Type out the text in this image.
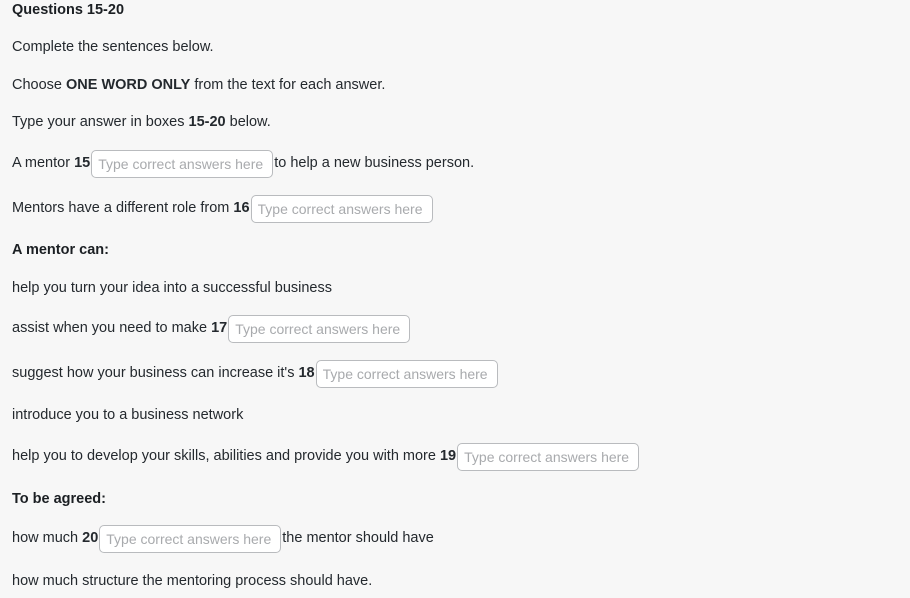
Questions 15-20
Complete the sentences below.
Choose ONE WORD ONLY from the text for each answer.
Type your answer in boxes 15-20 below.
A mentor 15
Type correct answers here	to help a new business person.
Mentors have a different role from 16
Type correct answers here
A mentor can:
help you turn your idea into a successful business
assist when you need to make 17
Type correct answers here
suggest how your business can increase it's 18
Type correct answers here
introduce you to a business network
help you to develop your skills, abilities and provide you with more 19
Type correct answers here
To be agreed:
how much 20
Type correct answers here	the mentor should have
how much structure the mentoring process should have.
